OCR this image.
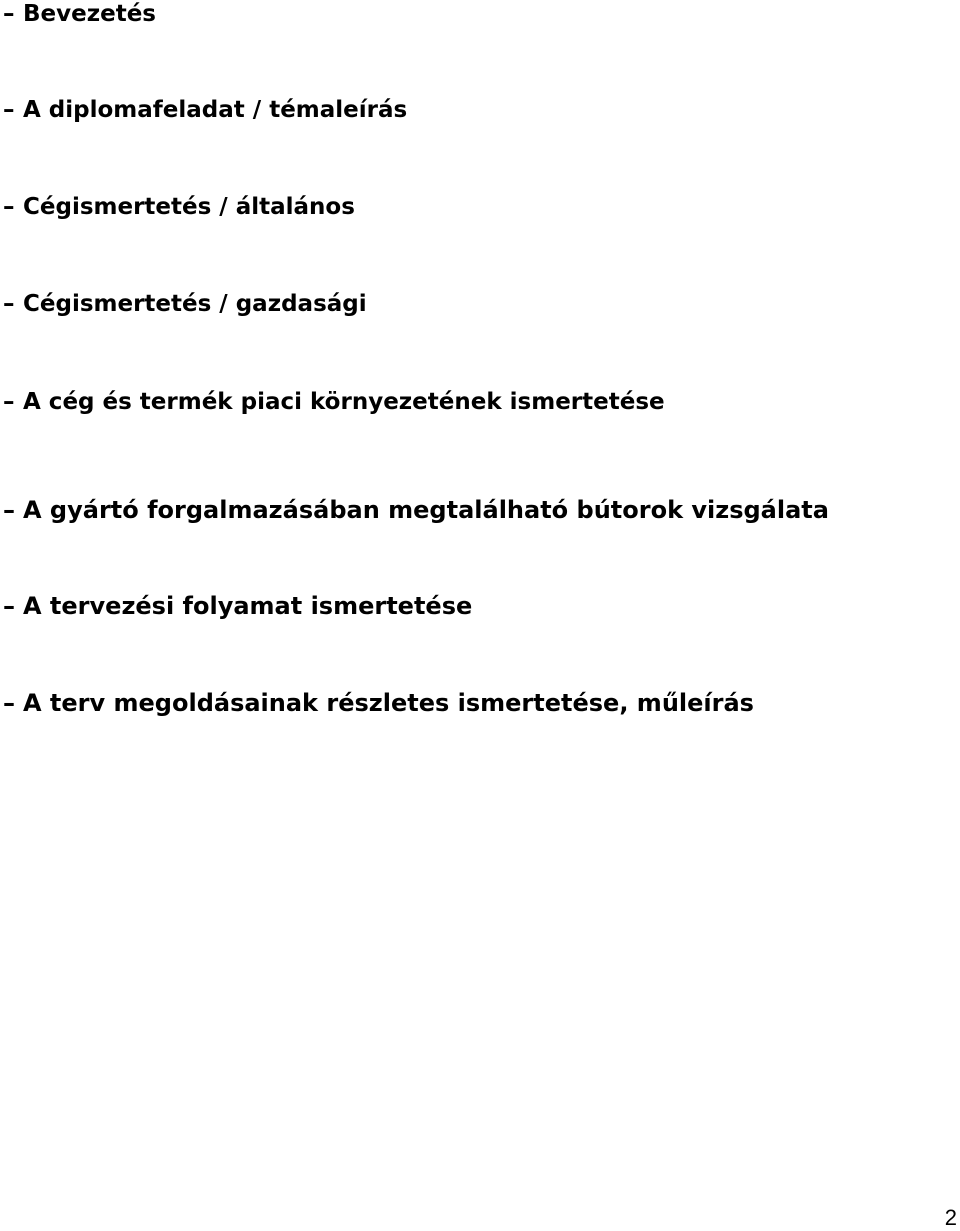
– Bevezetés
– A diplomafeladat / témaleírás
– Cégismertetés / általános
– Cégismertetés / gazdasági
– A cég és termék piaci környezetének ismertetése
– A gyártó forgalmazásában megtalálható bútorok vizsgálata
– A tervezési folyamat ismertetése
– A terv megoldásainak részletes ismertetése, műleírás
2
